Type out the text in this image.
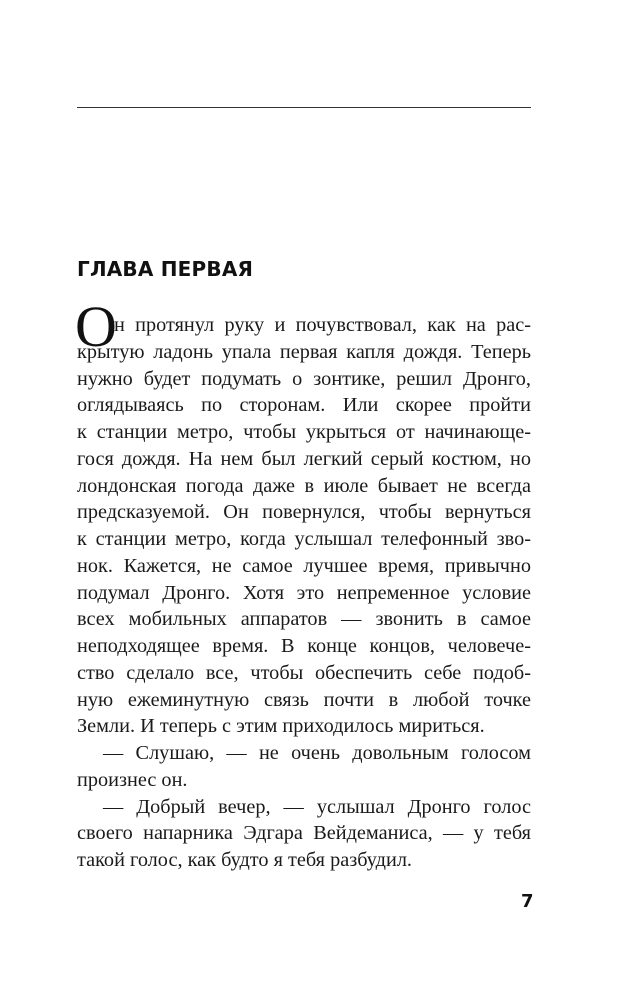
ГЛАВА ПЕРВАЯ
О
н протянул руку и почувствовал, как на рас-
крытую ладонь упала первая капля дождя. Теперь
нужно будет подумать о зонтике, решил Дронго,
оглядываясь по сторонам. Или скорее пройти
к станции метро, чтобы укрыться от начинающе-
гося дождя. На нем был легкий серый костюм, но
лондонская погода даже в июле бывает не всегда
предсказуемой. Он повернулся, чтобы вернуться
к станции метро, когда услышал телефонный зво-
нок. Кажется, не самое лучшее время, привычно
подумал Дронго. Хотя это непременное условие
всех мобильных аппаратов — звонить в самое
неподходящее время. В конце концов, человече-
ство сделало все, чтобы обеспечить себе подоб-
ную ежеминутную связь почти в любой точке
Земли. И теперь с этим приходилось мириться.
— Слушаю, — не очень довольным голосом
произнес он.
— Добрый вечер, — услышал Дронго голос
своего напарника Эдгара Вейдеманиса, — у тебя
такой голос, как будто я тебя разбудил.
7
